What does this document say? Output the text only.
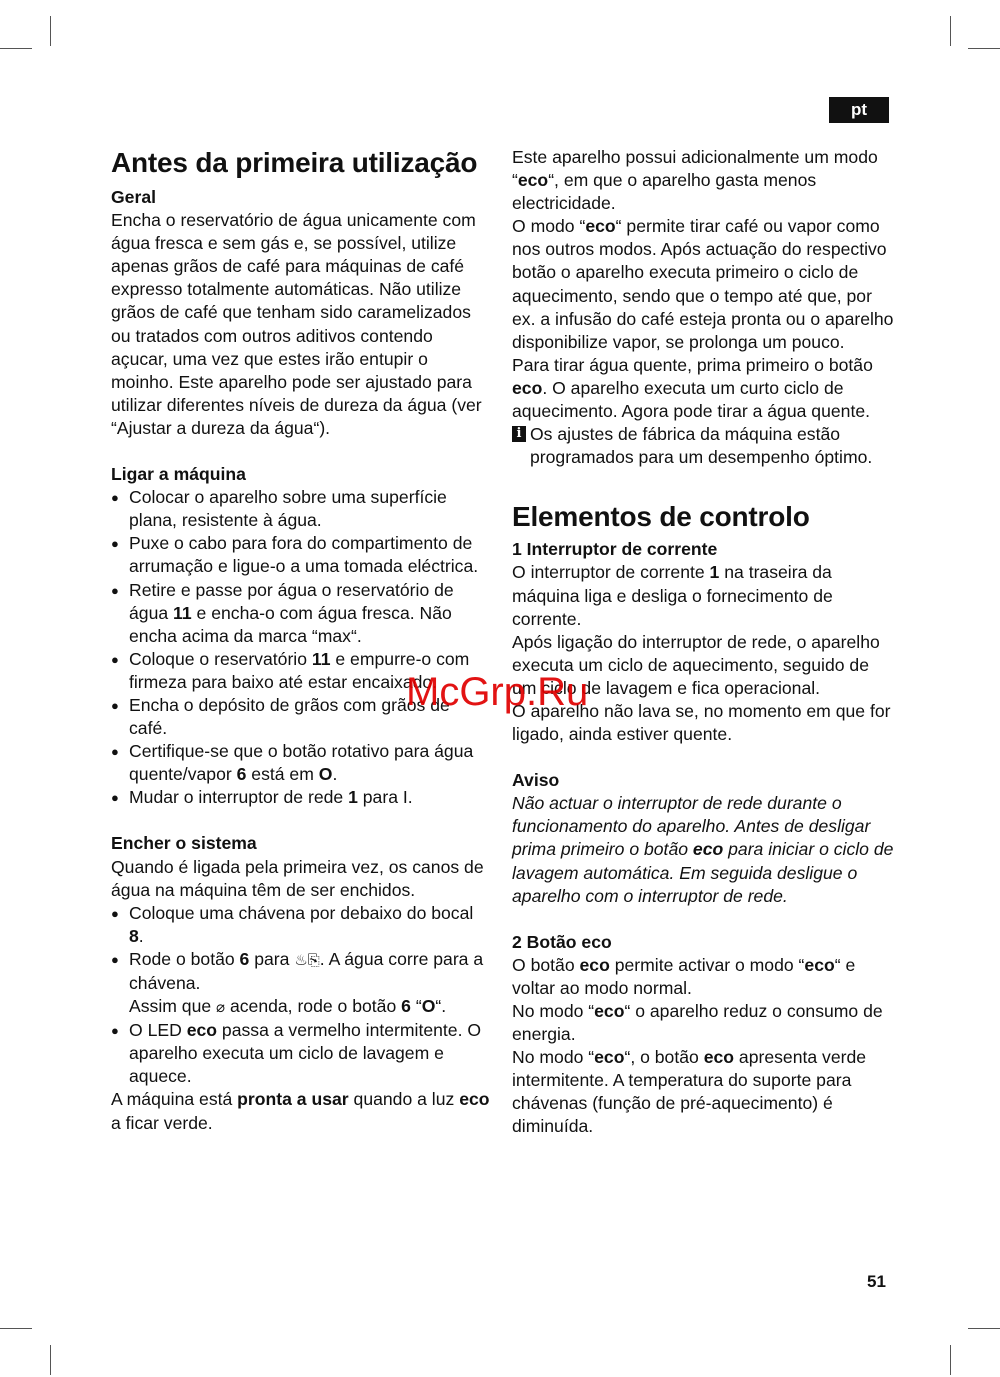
pt
Antes da primeira utilização
Geral

Encha o reservatório de água unicamente com água fresca e sem gás e, se possível, utilize apenas grãos de café para máquinas de café expresso totalmente automáticas. Não utilize grãos de café que tenham sido caramelizados ou tratados com outros aditivos contendo açucar, uma vez que estes irão entupir o moinho. Este aparelho pode ser ajustado para utilizar diferentes níveis de dureza da água (ver “Ajustar a dureza da água“).

Ligar a máquina
● Colocar o aparelho sobre uma superfície plana, resistente à água.
● Puxe o cabo para fora do compartimento de arrumação e ligue-o a uma tomada eléctrica.
● Retire e passe por água o reservatório de água 11 e encha-o com água fresca. Não encha acima da marca “max“.
● Coloque o reservatório 11 e empurre-o com firmeza para baixo até estar encaixado.
● Encha o depósito de grãos com grãos de café.
● Certifique-se que o botão rotativo para água quente/vapor 6 está em O.
● Mudar o interruptor de rede 1 para I.
Encher o sistema

Quando é ligada pela primeira vez, os canos de água na máquina têm de ser enchidos.

● Coloque uma chávena por debaixo do bocal 8.
● Rode o botão 6 para ♨⎘. A água corre para a chávena.
Assim que ⌀ acenda, rode o botão 6 “O“.
● O LED eco passa a vermelho intermitente. O aparelho executa um ciclo de lavagem e aquece.

A máquina está pronta a usar quando a luz eco a ficar verde.

Este aparelho possui adicionalmente um modo “eco“, em que o aparelho gasta menos electricidade.

O modo “eco“ permite tirar café ou vapor como nos outros modos. Após actuação do respectivo botão o aparelho executa primeiro o ciclo de aquecimento, sendo que o tempo até que, por ex. a infusão do café esteja pronta ou o aparelho disponibilize vapor, se prolonga um pouco.

Para tirar água quente, prima primeiro o botão eco. O aparelho executa um curto ciclo de aquecimento. Agora pode tirar a água quente.

i Os ajustes de fábrica da máquina estão programados para um desempenho óptimo.
Elementos de controlo
1 Interruptor de corrente

O interruptor de corrente 1 na traseira da máquina liga e desliga o fornecimento de corrente.

Após ligação do interruptor de rede, o aparelho executa um ciclo de aquecimento, seguido de um ciclo de lavagem e fica operacional.

O aparelho não lava se, no momento em que for ligado, ainda estiver quente.

Aviso

Não actuar o interruptor de rede durante o funcionamento do aparelho. Antes de desligar prima primeiro o botão eco para iniciar o ciclo de lavagem automática. Em seguida desligue o aparelho com o interruptor de rede.

2 Botão eco

O botão eco permite activar o modo “eco“ e voltar ao modo normal.

No modo “eco“ o aparelho reduz o consumo de energia.

No modo “eco“, o botão eco apresenta verde intermitente. A temperatura do suporte para chávenas (função de pré-aquecimento) é diminuída.

McGrp.Ru
51
